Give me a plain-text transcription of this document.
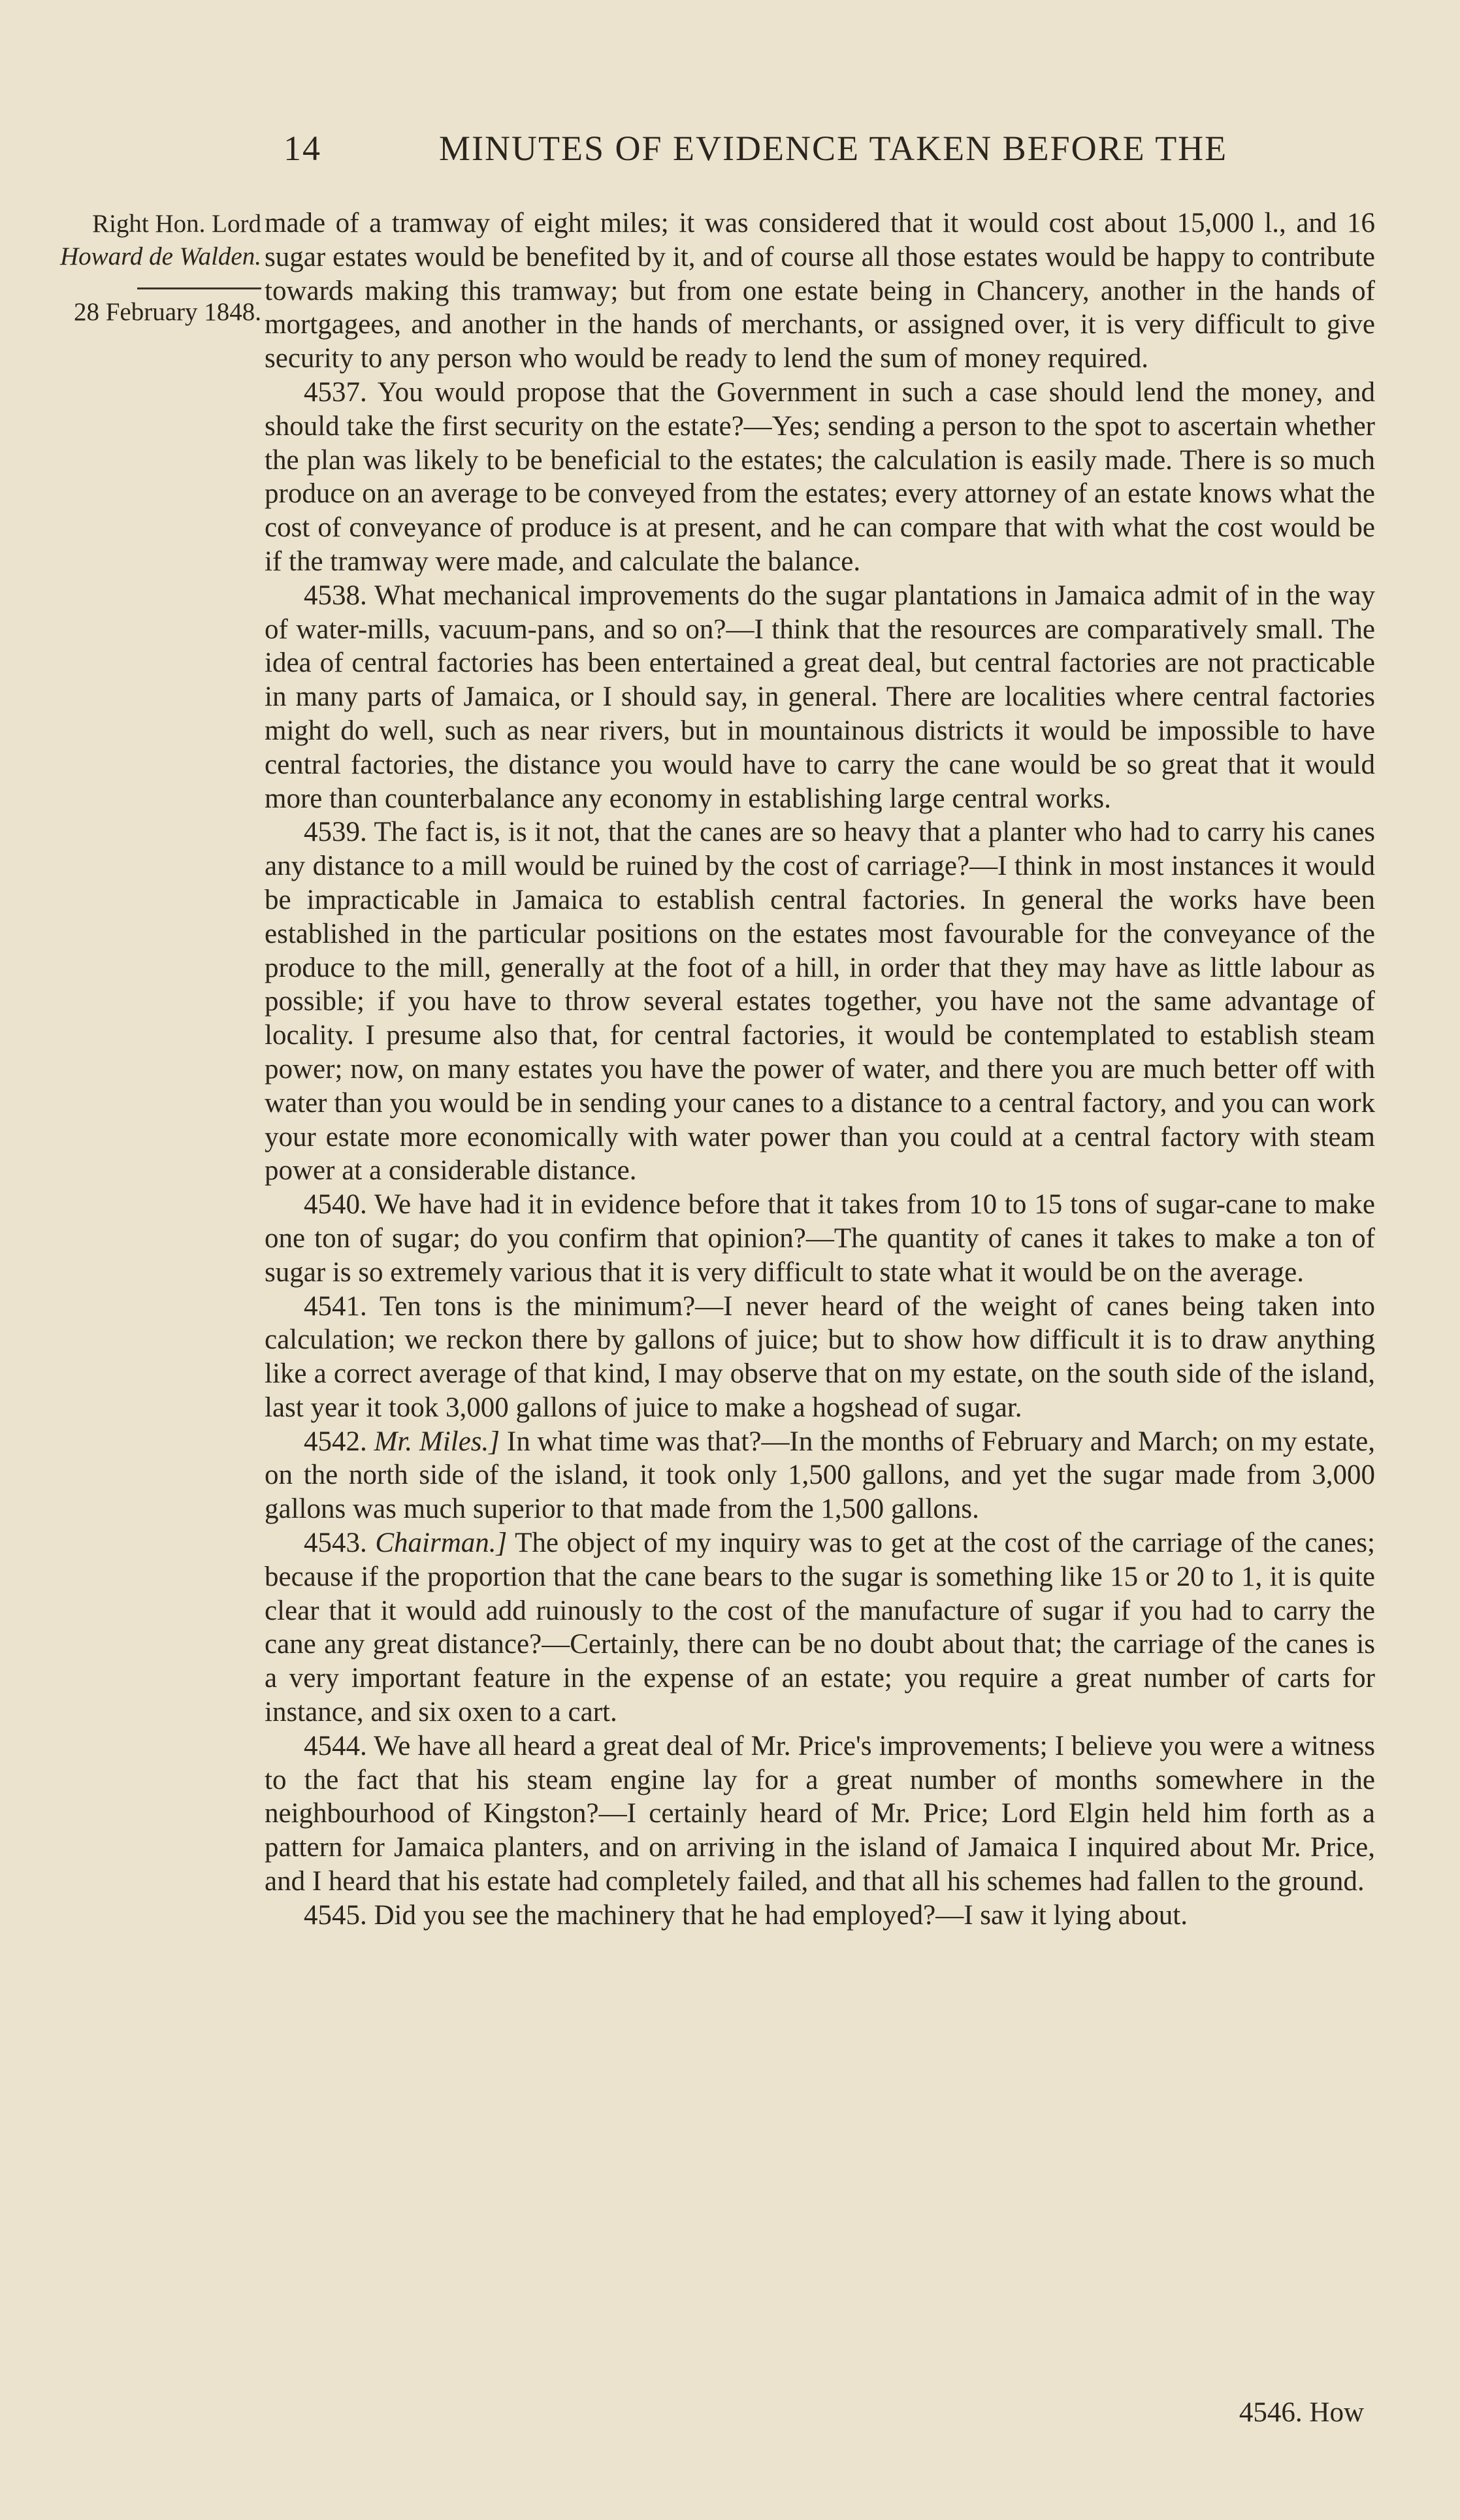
14	MINUTES OF EVIDENCE TAKEN BEFORE THE
Right Hon. Lord
Howard de Walden.
28 February 1848.

made of a tramway of eight miles; it was considered that it would cost about 15,000 l., and 16 sugar estates would be benefited by it, and of course all those estates would be happy to contribute towards making this tramway; but from one estate being in Chancery, another in the hands of mortgagees, and another in the hands of merchants, or assigned over, it is very difficult to give security to any person who would be ready to lend the sum of money required.

4537. You would propose that the Government in such a case should lend the money, and should take the first security on the estate?—Yes; sending a person to the spot to ascertain whether the plan was likely to be beneficial to the estates; the calculation is easily made. There is so much produce on an average to be conveyed from the estates; every attorney of an estate knows what the cost of conveyance of produce is at present, and he can compare that with what the cost would be if the tramway were made, and calculate the balance.

4538. What mechanical improvements do the sugar plantations in Jamaica admit of in the way of water-mills, vacuum-pans, and so on?—I think that the resources are comparatively small. The idea of central factories has been entertained a great deal, but central factories are not practicable in many parts of Jamaica, or I should say, in general. There are localities where central factories might do well, such as near rivers, but in mountainous districts it would be impossible to have central factories, the distance you would have to carry the cane would be so great that it would more than counterbalance any economy in establishing large central works.

4539. The fact is, is it not, that the canes are so heavy that a planter who had to carry his canes any distance to a mill would be ruined by the cost of carriage?—I think in most instances it would be impracticable in Jamaica to establish central factories. In general the works have been established in the particular positions on the estates most favourable for the conveyance of the produce to the mill, generally at the foot of a hill, in order that they may have as little labour as possible; if you have to throw several estates together, you have not the same advantage of locality. I presume also that, for central factories, it would be contemplated to establish steam power; now, on many estates you have the power of water, and there you are much better off with water than you would be in sending your canes to a distance to a central factory, and you can work your estate more economically with water power than you could at a central factory with steam power at a considerable distance.

4540. We have had it in evidence before that it takes from 10 to 15 tons of sugar-cane to make one ton of sugar; do you confirm that opinion?—The quantity of canes it takes to make a ton of sugar is so extremely various that it is very difficult to state what it would be on the average.

4541. Ten tons is the minimum?—I never heard of the weight of canes being taken into calculation; we reckon there by gallons of juice; but to show how difficult it is to draw anything like a correct average of that kind, I may observe that on my estate, on the south side of the island, last year it took 3,000 gallons of juice to make a hogshead of sugar.

4542. Mr. Miles.] In what time was that?—In the months of February and March; on my estate, on the north side of the island, it took only 1,500 gallons, and yet the sugar made from 3,000 gallons was much superior to that made from the 1,500 gallons.

4543. Chairman.] The object of my inquiry was to get at the cost of the carriage of the canes; because if the proportion that the cane bears to the sugar is something like 15 or 20 to 1, it is quite clear that it would add ruinously to the cost of the manufacture of sugar if you had to carry the cane any great distance?—Certainly, there can be no doubt about that; the carriage of the canes is a very important feature in the expense of an estate; you require a great number of carts for instance, and six oxen to a cart.

4544. We have all heard a great deal of Mr. Price's improvements; I believe you were a witness to the fact that his steam engine lay for a great number of months somewhere in the neighbourhood of Kingston?—I certainly heard of Mr. Price; Lord Elgin held him forth as a pattern for Jamaica planters, and on arriving in the island of Jamaica I inquired about Mr. Price, and I heard that his estate had completely failed, and that all his schemes had fallen to the ground.

4545. Did you see the machinery that he had employed?—I saw it lying about.

4546. How
